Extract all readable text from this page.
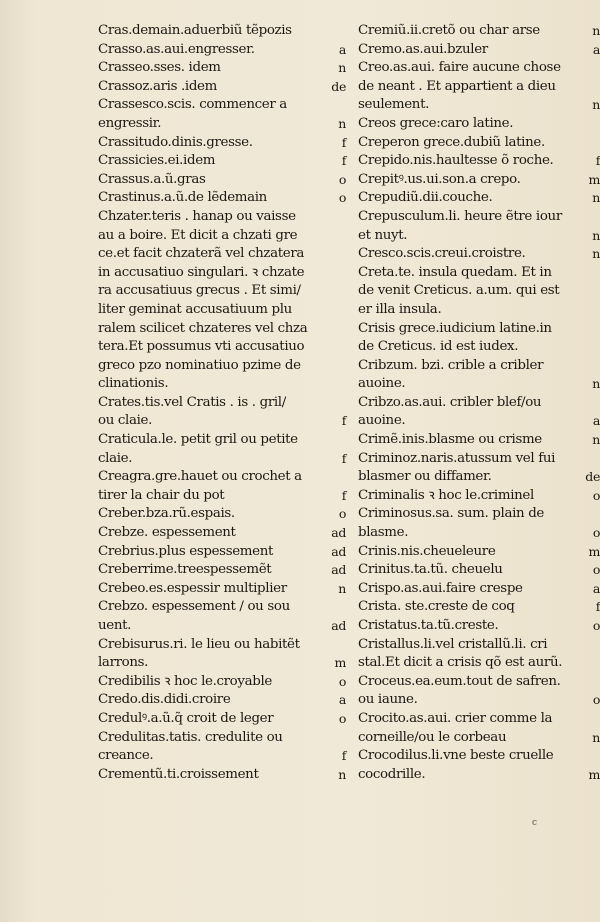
Cras.demain.aduerbiũ tẽpozis
Crasso.as.aui.engresser.	a
Crasseo.sses. idem	n
Crassoz.aris .idem	de
Crassesco.scis. commencer a
engressir.	n
Crassitudo.dinis.gresse.	f
Crassicies.ei.idem	f
Crassus.a.ũ.gras	o
Crastinus.a.ũ.de lẽdemain	o
Chzater.teris . hanap ou vaisse
au a boire. Et dicit a chzati gre
ce.et facit chzaterã vel chzatera
in accusatiuo singulari. ꝛ chzate
ra accusatiuus grecus . Et simi/
liter geminat accusatiuum plu
ralem scilicet chzateres vel chza
tera.Et possumus vti accusatiuo
greco pzo nominatiuo pzime de
clinationis.
Crates.tis.vel Cratis . is . gril/
ou claie.	f
Craticula.le. petit gril ou petite
claie.	f
Creagra.gre.hauet ou crochet a
tirer la chair du pot	f
Creber.bza.rũ.espais.	o
Crebze. espessement	ad
Crebrius.plus espessement	ad
Creberrime.treespessemẽt	ad
Crebeo.es.espessir multiplier	n
Crebzo. espessement / ou sou
uent.	ad
Crebisurus.ri. le lieu ou habitẽt
larrons.	m
Credibilis ꝛ hoc le.croyable	o
Credo.dis.didi.croire	a
Credulꝰ.a.ũ.q̃ croit de leger	o
Credulitas.tatis. credulite ou
creance.	f
Crementũ.ti.croissement	n
Cremiũ.ii.cretõ ou char arse	n
Cremo.as.aui.bzuler	a
Creo.as.aui. faire aucune chose
de neant . Et appartient a dieu
seulement.	n
Creos grece:caro latine.
Creperon grece.dubiũ latine.
Crepido.nis.haultesse õ roche.	f
Crepitꝰ.us.ui.son.a crepo.	m
Crepudiũ.dii.couche.	n
Crepusculum.li. heure ẽtre iour
et nuyt.	n
Cresco.scis.creui.croistre.	n
Creta.te. insula quedam. Et in
de venit Creticus. a.um. qui est
er illa insula.
Crisis grece.iudicium latine.in
de Creticus. id est iudex.
Cribzum. bzi. crible a cribler
auoine.	n
Cribzo.as.aui. cribler blef/ou
auoine.	a
Crimẽ.inis.blasme ou crisme	n
Criminoz.naris.atussum vel fui
blasmer ou diffamer.	de
Criminalis ꝛ hoc le.criminel	o
Criminosus.sa. sum. plain de
blasme.	o
Crinis.nis.cheueleure	m
Crinitus.ta.tũ. cheuelu	o
Crispo.as.aui.faire crespe	a
Crista. ste.creste de coq	f
Cristatus.ta.tũ.creste.	o
Cristallus.li.vel cristallũ.li. cri
stal.Et dicit a crisis qõ est aurũ.
Croceus.ea.eum.tout de safren.
ou iaune.	o
Crocito.as.aui. crier comme la
corneille/ou le corbeau	n
Crocodilus.li.vne beste cruelle
cocodrille.	m
c
